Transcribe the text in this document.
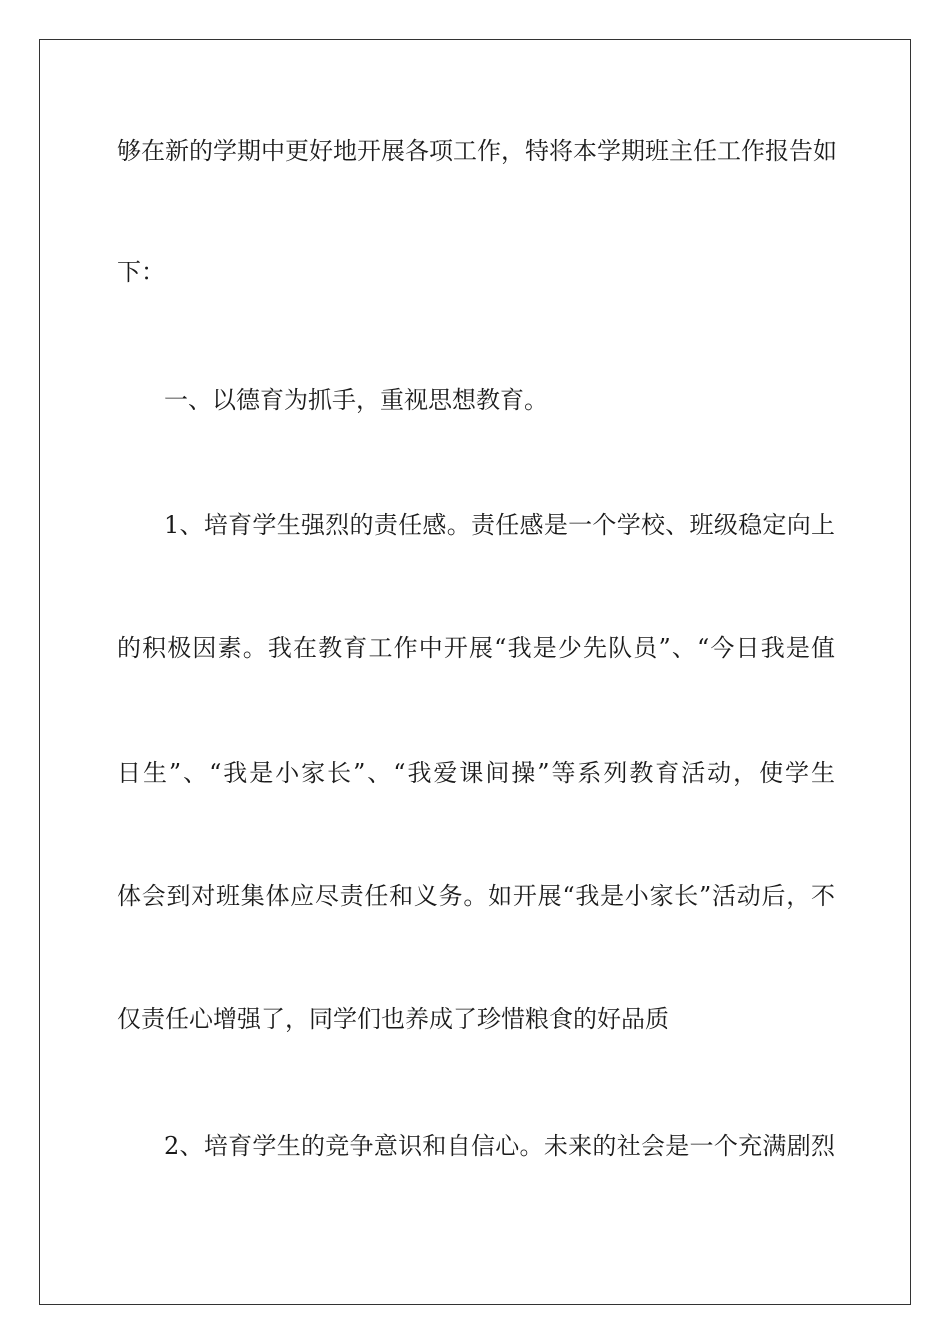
够在新的学期中更好地开展各项工作，特将本学期班主任工作报告如
下：
一、以德育为抓手，重视思想教育。
1、培育学生强烈的责任感。责任感是一个学校、班级稳定向上
的积极因素。我在教育工作中开展“我是少先队员”、“今日我是值
日生”、“我是小家长”、“我爱课间操”等系列教育活动，使学生
体会到对班集体应尽责任和义务。如开展“我是小家长”活动后，不
仅责任心增强了，同学们也养成了珍惜粮食的好品质
2、培育学生的竞争意识和自信心。未来的社会是一个充满剧烈
